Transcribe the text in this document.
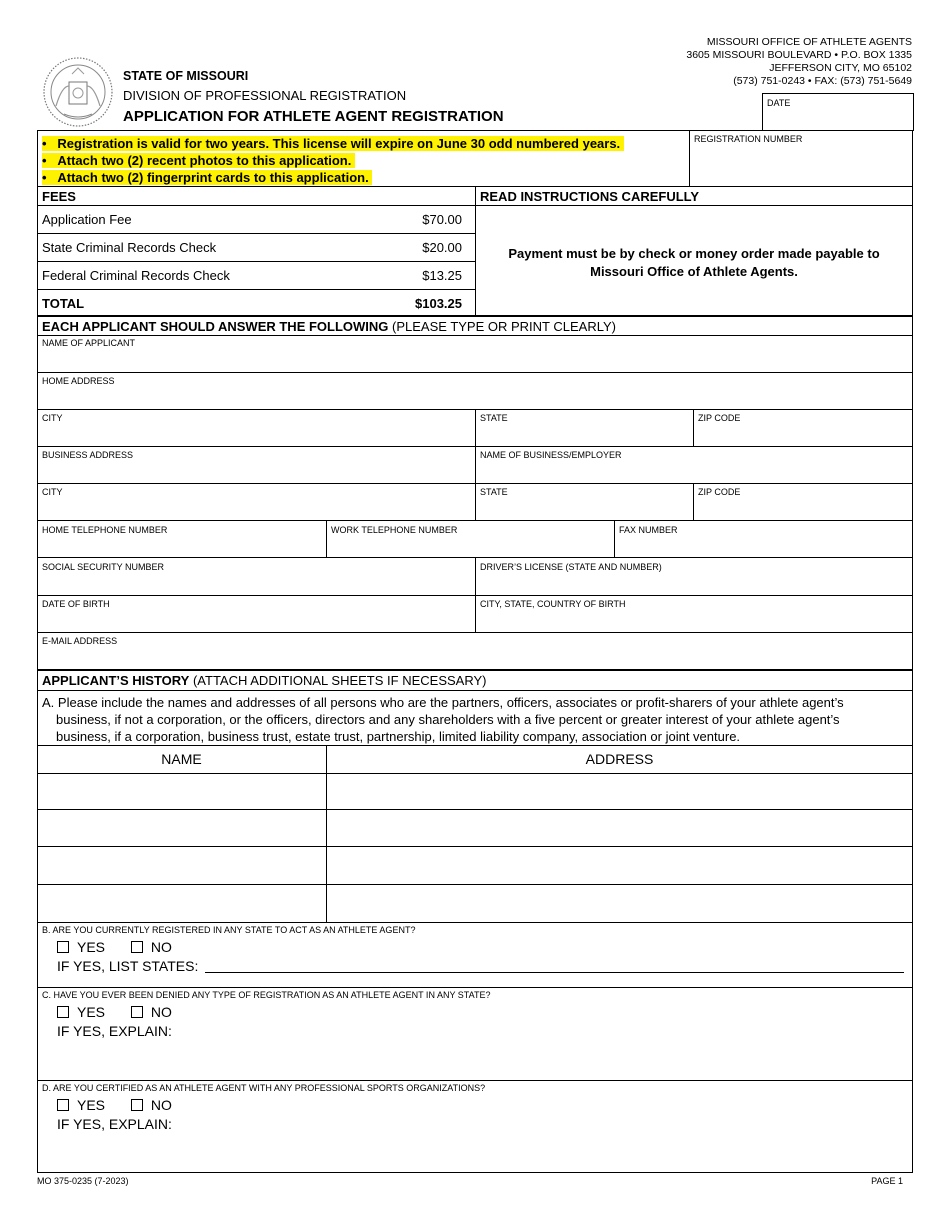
STATE OF MISSOURI
DIVISION OF PROFESSIONAL REGISTRATION
APPLICATION FOR ATHLETE AGENT REGISTRATION
MISSOURI OFFICE OF ATHLETE AGENTS
3605 MISSOURI BOULEVARD • P.O. BOX 1335
JEFFERSON CITY, MO 65102
(573) 751-0243 • FAX: (573) 751-5649
DATE
•   Registration is valid for two years. This license will expire on June 30 odd numbered years.
•   Attach two (2) recent photos to this application.
•   Attach two (2) fingerprint cards to this application.
REGISTRATION NUMBER
FEES	READ INSTRUCTIONS CAREFULLY
Application Fee	$70.00
State Criminal Records Check	$20.00
Federal Criminal Records Check	$13.25
TOTAL	$103.25
Payment must be by check or money order made payable to
Missouri Office of Athlete Agents.
EACH APPLICANT SHOULD ANSWER THE FOLLOWING (PLEASE TYPE OR PRINT CLEARLY)
NAME OF APPLICANT
HOME ADDRESS
CITY	STATE	ZIP CODE
BUSINESS ADDRESS	NAME OF BUSINESS/EMPLOYER
CITY	STATE	ZIP CODE
HOME TELEPHONE NUMBER	WORK TELEPHONE NUMBER	FAX NUMBER
SOCIAL SECURITY NUMBER	DRIVER’S LICENSE (STATE AND NUMBER)
DATE OF BIRTH	CITY, STATE, COUNTRY OF BIRTH
E-MAIL ADDRESS
APPLICANT’S HISTORY (ATTACH ADDITIONAL SHEETS IF NECESSARY)
A. Please include the names and addresses of all persons who are the partners, officers, associates or profit-sharers of your athlete agent’s
business, if not a corporation, or the officers, directors and any shareholders with a five percent or greater interest of your athlete agent’s
business, if a corporation, business trust, estate trust, partnership, limited liability company, association or joint venture.
NAME	ADDRESS
B. ARE YOU CURRENTLY REGISTERED IN ANY STATE TO ACT AS AN ATHLETE AGENT?
YES	NO
IF YES, LIST STATES:
C. HAVE YOU EVER BEEN DENIED ANY TYPE OF REGISTRATION AS AN ATHLETE AGENT IN ANY STATE?
YES	NO
IF YES, EXPLAIN:
D. ARE YOU CERTIFIED AS AN ATHLETE AGENT WITH ANY PROFESSIONAL SPORTS ORGANIZATIONS?
YES	NO
IF YES, EXPLAIN:
MO 375-0235 (7-2023)	PAGE 1
